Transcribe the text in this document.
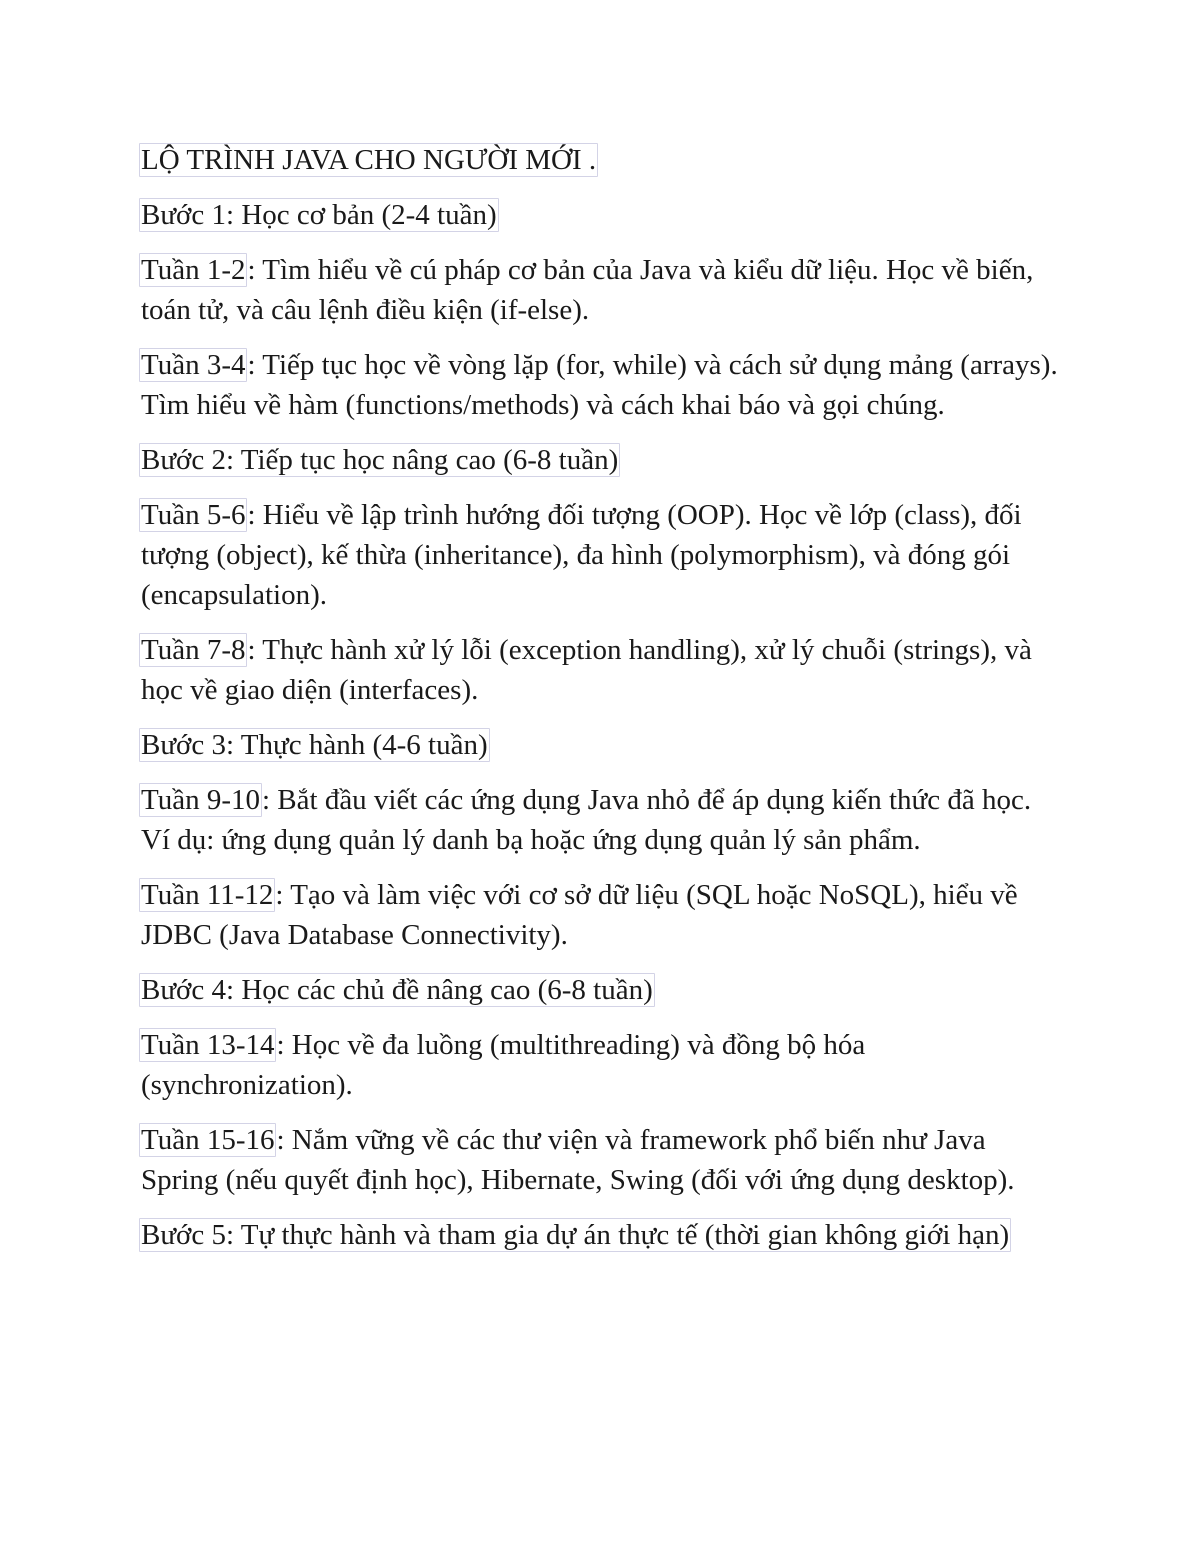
LỘ TRÌNH JAVA CHO NGƯỜI MỚI .

Bước 1: Học cơ bản (2-4 tuần)

Tuần 1-2: Tìm hiểu về cú pháp cơ bản của Java và kiểu dữ liệu. Học về biến, toán tử, và câu lệnh điều kiện (if-else).

Tuần 3-4: Tiếp tục học về vòng lặp (for, while) và cách sử dụng mảng (arrays). Tìm hiểu về hàm (functions/methods) và cách khai báo và gọi chúng.

Bước 2: Tiếp tục học nâng cao (6-8 tuần)

Tuần 5-6: Hiểu về lập trình hướng đối tượng (OOP). Học về lớp (class), đối tượng (object), kế thừa (inheritance), đa hình (polymorphism), và đóng gói (encapsulation).

Tuần 7-8: Thực hành xử lý lỗi (exception handling), xử lý chuỗi (strings), và học về giao diện (interfaces).

Bước 3: Thực hành (4-6 tuần)

Tuần 9-10: Bắt đầu viết các ứng dụng Java nhỏ để áp dụng kiến thức đã học. Ví dụ: ứng dụng quản lý danh bạ hoặc ứng dụng quản lý sản phẩm.

Tuần 11-12: Tạo và làm việc với cơ sở dữ liệu (SQL hoặc NoSQL), hiểu về JDBC (Java Database Connectivity).

Bước 4: Học các chủ đề nâng cao (6-8 tuần)

Tuần 13-14: Học về đa luồng (multithreading) và đồng bộ hóa (synchronization).

Tuần 15-16: Nắm vững về các thư viện và framework phổ biến như Java Spring (nếu quyết định học), Hibernate, Swing (đối với ứng dụng desktop).

Bước 5: Tự thực hành và tham gia dự án thực tế (thời gian không giới hạn)
